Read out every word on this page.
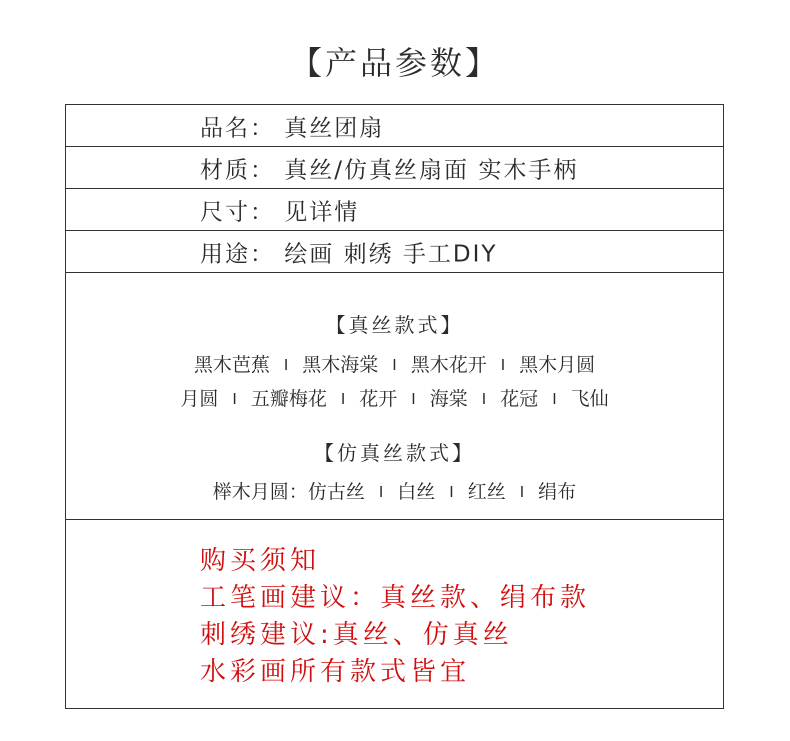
【产品参数】
品名： 真丝团扇
材质： 真丝/仿真丝扇面 实木手柄
尺寸： 见详情
用途： 绘画 刺绣 手工DIY
【真丝款式】
黑木芭蕉 I 黑木海棠 I 黑木花开 I 黑木月圆
月圆 I 五瓣梅花 I 花开 I 海棠 I 花冠 I 飞仙
【仿真丝款式】
榉木月圆：仿古丝 I 白丝 I 红丝 I 绢布
购买须知
工笔画建议：真丝款、绢布款
刺绣建议:真丝、仿真丝
水彩画所有款式皆宜
